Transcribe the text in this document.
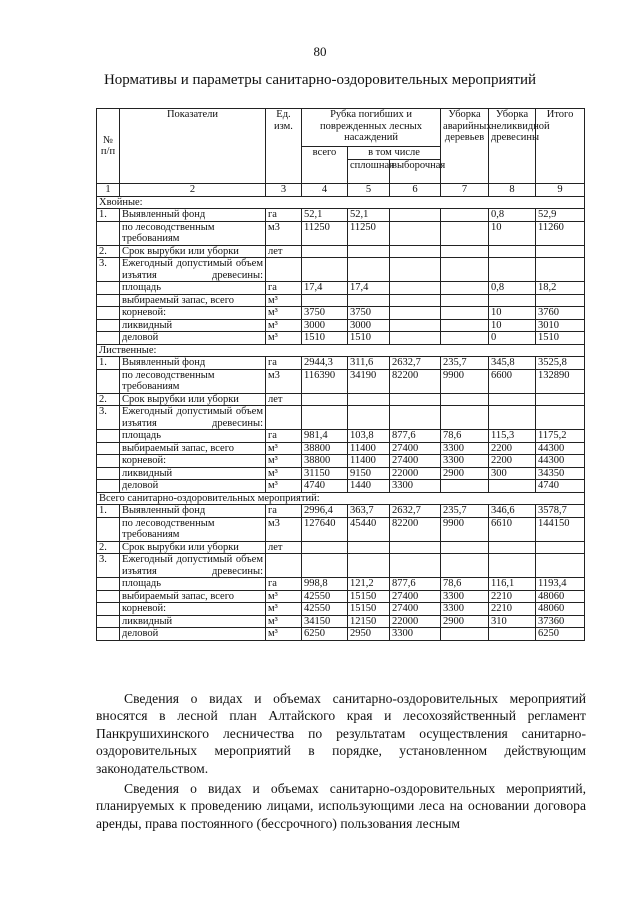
80
Нормативы и параметры санитарно-оздоровительных мероприятий
№ п/п	Показатели	Ед. изм.	Рубка погибших и поврежденных лесных насаждений			Уборка аварийных деревьев	Уборка неликвидной древесины	Итого
			всего	в том числе				
				сплошная	выборочная			
1	2	3	4	5	6	7	8	9
Хвойные:								
1.	Выявленный фонд	га	52,1	52,1			0,8	52,9
	по лесоводственным требованиям	м3	11250	11250			10	11260
2.	Срок вырубки или уборки	лет						
3.	Ежегодный допустимый объем изъятия древесины:							
	площадь	га	17,4	17,4			0,8	18,2
	выбираемый запас, всего	м³						
	корневой:	м³	3750	3750			10	3760
	ликвидный	м³	3000	3000			10	3010
	деловой	м³	1510	1510			0	1510
Лиственные:								
1.	Выявленный фонд	га	2944,3	311,6	2632,7	235,7	345,8	3525,8
	по лесоводственным требованиям	м3	116390	34190	82200	9900	6600	132890
2.	Срок вырубки или уборки	лет						
3.	Ежегодный допустимый объем изъятия древесины:							
	площадь	га	981,4	103,8	877,6	78,6	115,3	1175,2
	выбираемый запас, всего	м³	38800	11400	27400	3300	2200	44300
	корневой:	м³	38800	11400	27400	3300	2200	44300
	ликвидный	м³	31150	9150	22000	2900	300	34350
	деловой	м³	4740	1440	3300			4740
Всего санитарно-оздоровительных мероприятий:								
1.	Выявленный фонд	га	2996,4	363,7	2632,7	235,7	346,6	3578,7
	по лесоводственным требованиям	м3	127640	45440	82200	9900	6610	144150
2.	Срок вырубки или уборки	лет						
3.	Ежегодный допустимый объем изъятия древесины:							
	площадь	га	998,8	121,2	877,6	78,6	116,1	1193,4
	выбираемый запас, всего	м³	42550	15150	27400	3300	2210	48060
	корневой:	м³	42550	15150	27400	3300	2210	48060
	ликвидный	м³	34150	12150	22000	2900	310	37360
	деловой	м³	6250	2950	3300			6250

Сведения о видах и объемах санитарно-оздоровительных мероприятий вносятся в лесной план Алтайского края и лесохозяйственный регламент Панкрушихинского лесничества по результатам осуществления санитарно-оздоровительных мероприятий в порядке, установленном действующим законодательством.

Сведения о видах и объемах санитарно-оздоровительных мероприятий, планируемых к проведению лицами, использующими леса на основании договора аренды, права постоянного (бессрочного) пользования лесным
